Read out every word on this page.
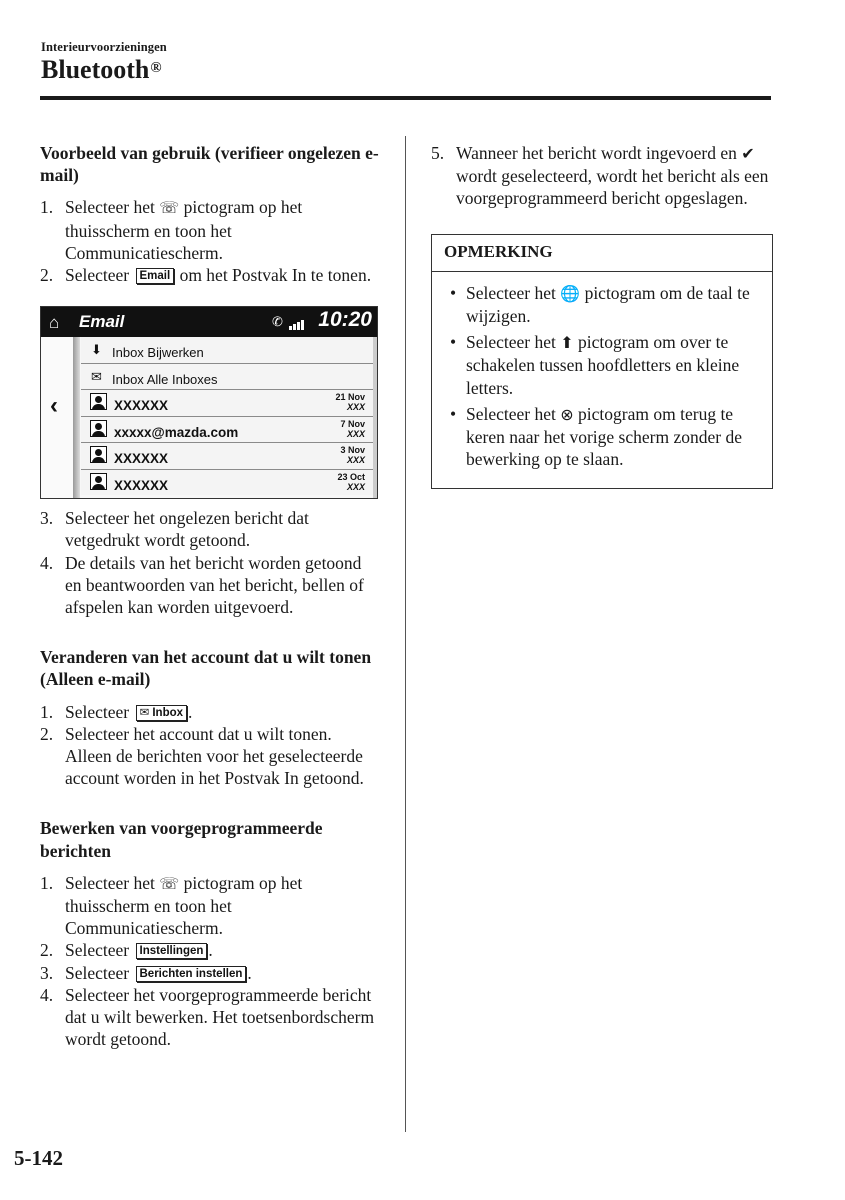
Interieurvoorzieningen
Bluetooth®
Voorbeeld van gebruik (verifieer ongelezen e-mail)
1. Selecteer het ☏ pictogram op het thuisscherm en toon het Communicatiescherm.
2. Selecteer Email om het Postvak In te tonen.
⌂ Email	✆ 10:20
‹
⬇ Inbox Bijwerken
✉ Inbox Alle Inboxes
XXXXXX
21 Nov
XXX
xxxxx@mazda.com
7 Nov
XXX
XXXXXX
3 Nov
XXX
XXXXXX
23 Oct
XXX
3. Selecteer het ongelezen bericht dat vetgedrukt wordt getoond.
4. De details van het bericht worden getoond en beantwoorden van het bericht, bellen of afspelen kan worden uitgevoerd.
Veranderen van het account dat u wilt tonen (Alleen e-mail)
1. Selecteer ✉ Inbox .
2. Selecteer het account dat u wilt tonen. Alleen de berichten voor het geselecteerde account worden in het Postvak In getoond.
Bewerken van voorgeprogrammeerde berichten
1. Selecteer het ☏ pictogram op het thuisscherm en toon het Communicatiescherm.
2. Selecteer Instellingen .
3. Selecteer Berichten instellen .
4. Selecteer het voorgeprogrammeerde bericht dat u wilt bewerken. Het toetsenbordscherm wordt getoond.
5. Wanneer het bericht wordt ingevoerd en ✔ wordt geselecteerd, wordt het bericht als een voorgeprogrammeerd bericht opgeslagen.
OPMERKING
• Selecteer het 🌐 pictogram om de taal te wijzigen.
• Selecteer het ⬆ pictogram om over te schakelen tussen hoofdletters en kleine letters.
• Selecteer het ⊗ pictogram om terug te keren naar het vorige scherm zonder de bewerking op te slaan.
5-142
